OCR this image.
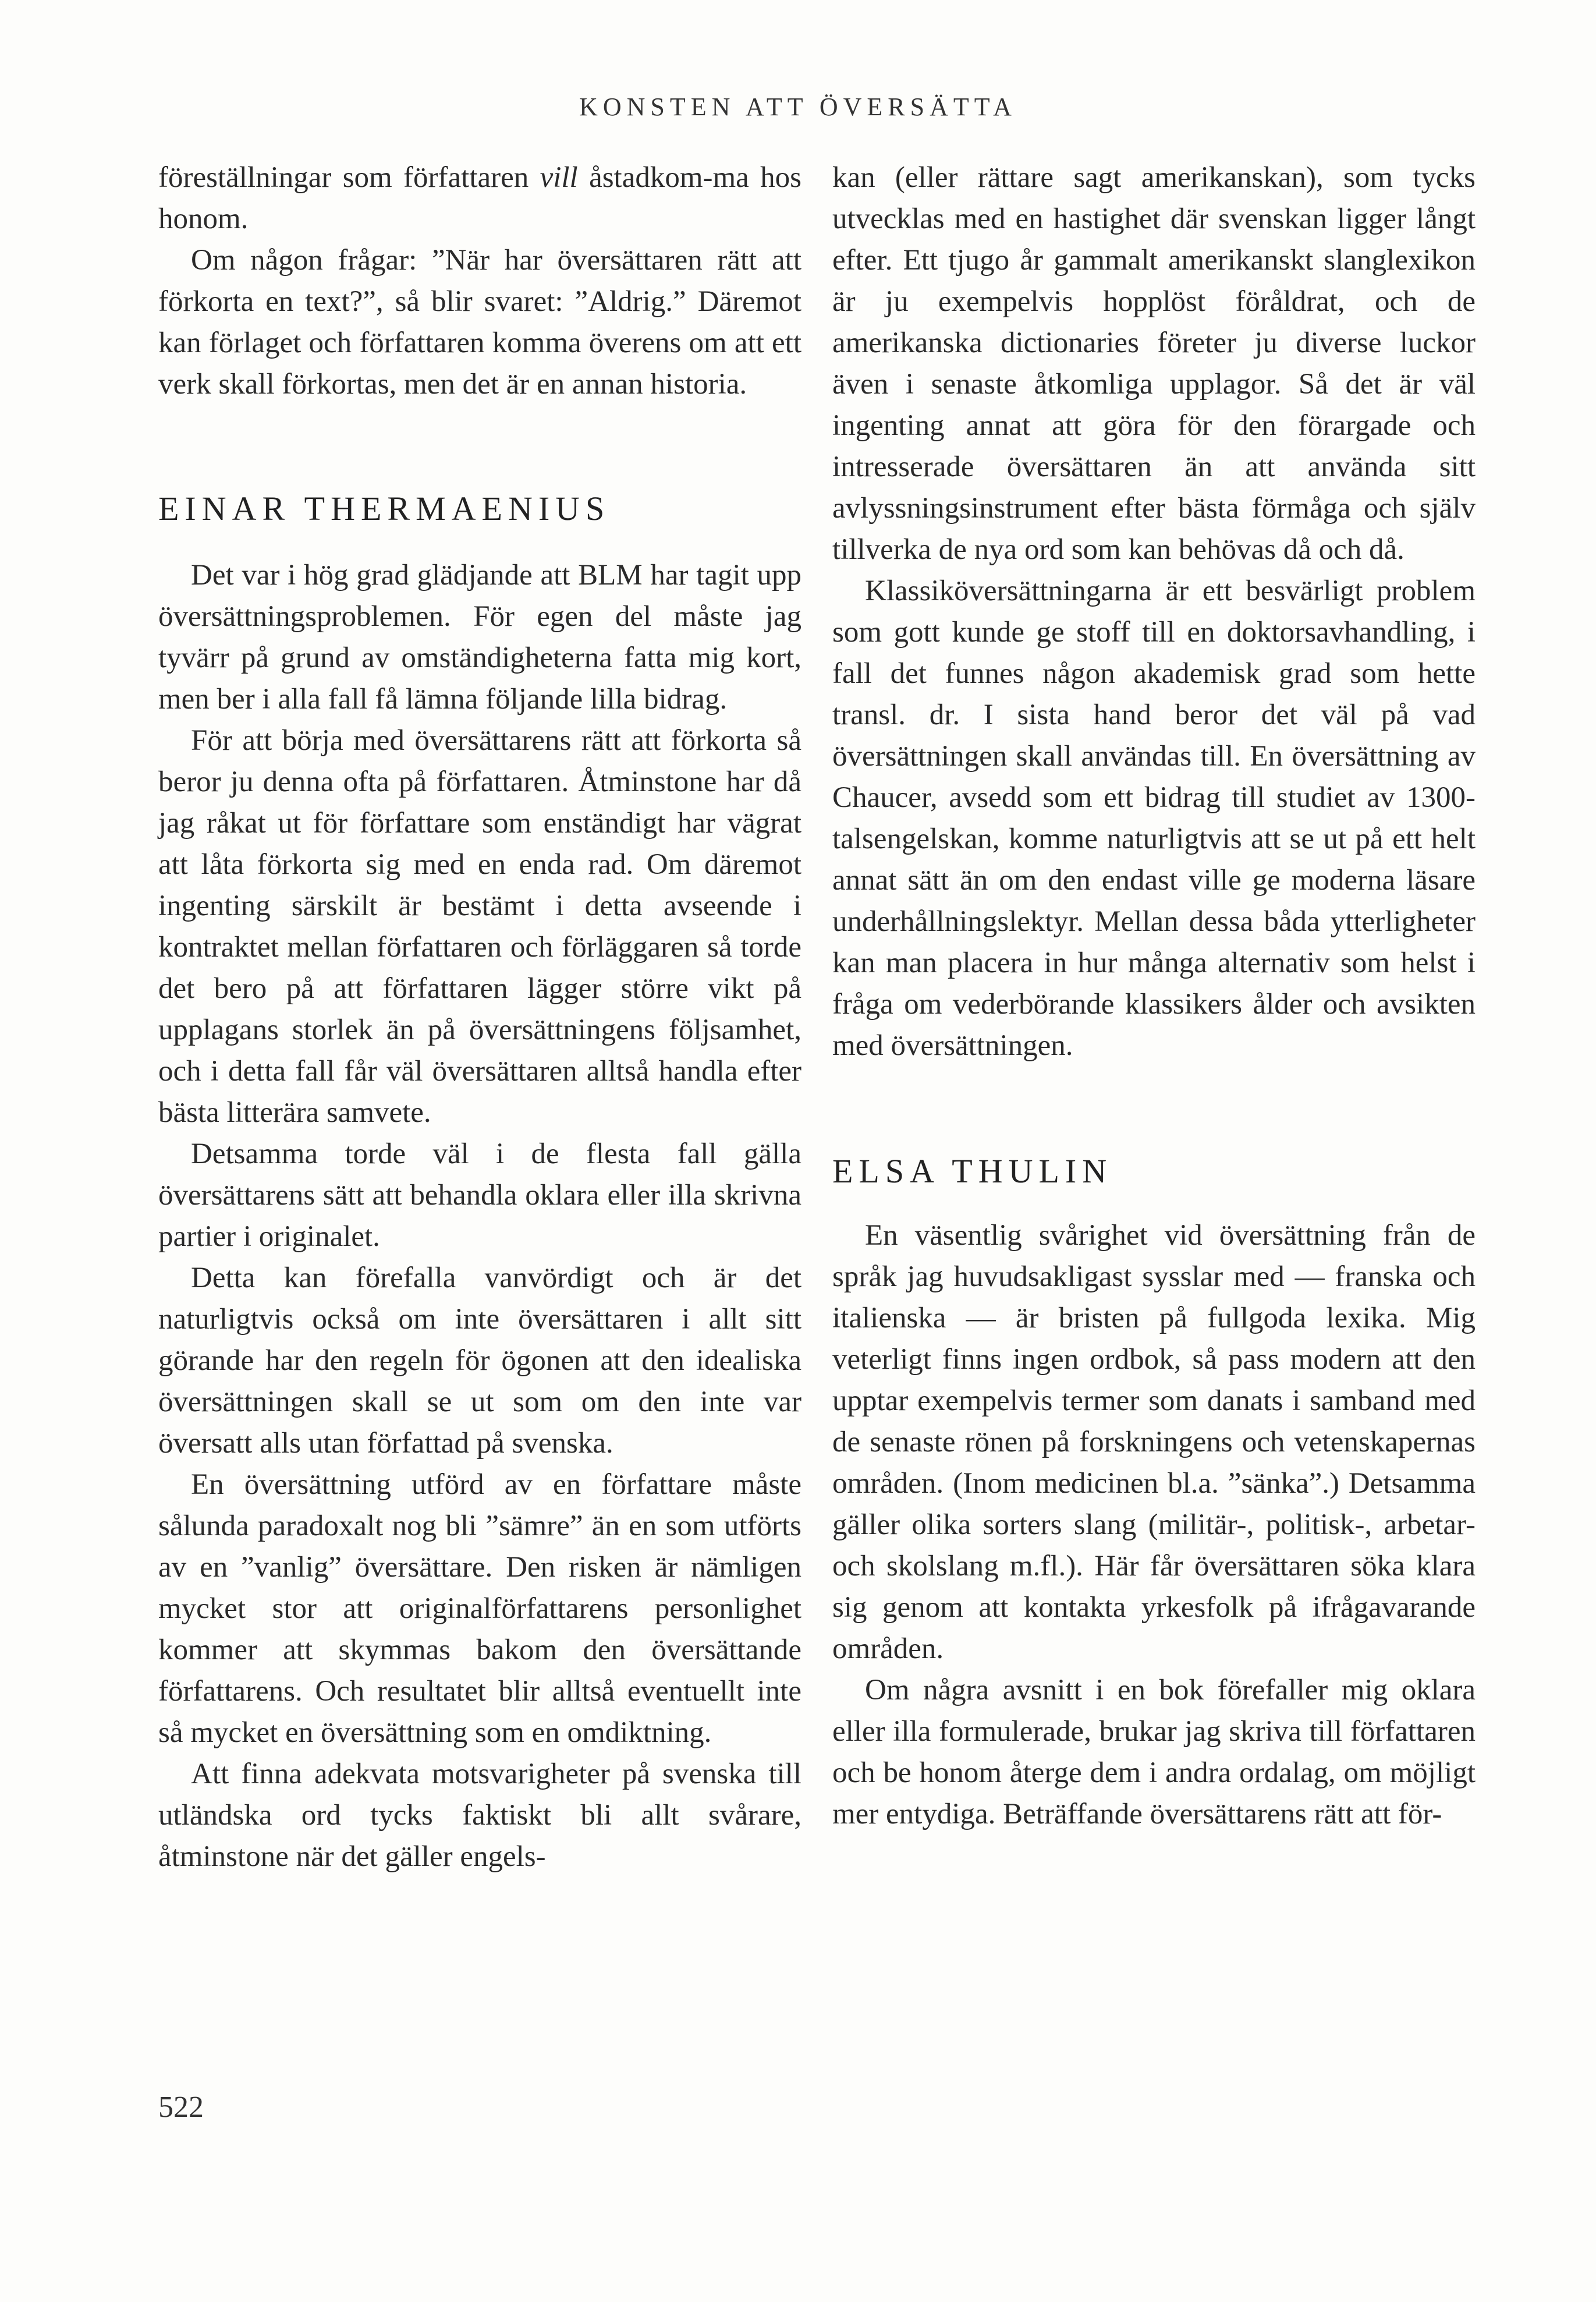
KONSTEN ATT ÖVERSÄTTA

föreställningar som författaren vill åstadkom-ma hos honom.

Om någon frågar: ”När har översättaren rätt att förkorta en text?”, så blir svaret: ”Aldrig.” Däremot kan förlaget och författaren komma överens om att ett verk skall förkortas, men det är en annan historia.

EINAR THERMAENIUS

Det var i hög grad glädjande att BLM har tagit upp översättningsproblemen. För egen del måste jag tyvärr på grund av omständigheterna fatta mig kort, men ber i alla fall få lämna följande lilla bidrag.

För att börja med översättarens rätt att förkorta så beror ju denna ofta på författaren. Åtminstone har då jag råkat ut för författare som enständigt har vägrat att låta förkorta sig med en enda rad. Om däremot ingenting särskilt är bestämt i detta avseende i kontraktet mellan författaren och förläggaren så torde det bero på att författaren lägger större vikt på upplagans storlek än på översättningens följsamhet, och i detta fall får väl översättaren alltså handla efter bästa litterära samvete.

Detsamma torde väl i de flesta fall gälla översättarens sätt att behandla oklara eller illa skrivna partier i originalet.

Detta kan förefalla vanvördigt och är det naturligtvis också om inte översättaren i allt sitt görande har den regeln för ögonen att den idealiska översättningen skall se ut som om den inte var översatt alls utan författad på svenska.

En översättning utförd av en författare måste sålunda paradoxalt nog bli ”sämre” än en som utförts av en ”vanlig” översättare. Den risken är nämligen mycket stor att originalförfattarens personlighet kommer att skymmas bakom den översättande författarens. Och resultatet blir alltså eventuellt inte så mycket en översättning som en omdiktning.

Att finna adekvata motsvarigheter på svenska till utländska ord tycks faktiskt bli allt svårare, åtminstone när det gäller engels-

kan (eller rättare sagt amerikanskan), som tycks utvecklas med en hastighet där svenskan ligger långt efter. Ett tjugo år gammalt amerikanskt slanglexikon är ju exempelvis hopplöst föråldrat, och de amerikanska dictionaries företer ju diverse luckor även i senaste åtkomliga upplagor. Så det är väl ingenting annat att göra för den förargade och intresserade översättaren än att använda sitt avlyssningsinstrument efter bästa förmåga och själv tillverka de nya ord som kan behövas då och då.

Klassiköversättningarna är ett besvärligt problem som gott kunde ge stoff till en doktorsavhandling, i fall det funnes någon akademisk grad som hette transl. dr. I sista hand beror det väl på vad översättningen skall användas till. En översättning av Chaucer, avsedd som ett bidrag till studiet av 1300-talsengelskan, komme naturligtvis att se ut på ett helt annat sätt än om den endast ville ge moderna läsare underhållningslektyr. Mellan dessa båda ytterligheter kan man placera in hur många alternativ som helst i fråga om vederbörande klassikers ålder och avsikten med översättningen.

ELSA THULIN

En väsentlig svårighet vid översättning från de språk jag huvudsakligast sysslar med — franska och italienska — är bristen på fullgoda lexika. Mig veterligt finns ingen ordbok, så pass modern att den upptar exempelvis termer som danats i samband med de senaste rönen på forskningens och vetenskapernas områden. (Inom medicinen bl.a. ”sänka”.) Detsamma gäller olika sorters slang (militär-, politisk-, arbetar- och skolslang m.fl.). Här får översättaren söka klara sig genom att kontakta yrkesfolk på ifrågavarande områden.

Om några avsnitt i en bok förefaller mig oklara eller illa formulerade, brukar jag skriva till författaren och be honom återge dem i andra ordalag, om möjligt mer entydiga. Beträffande översättarens rätt att för-

522
